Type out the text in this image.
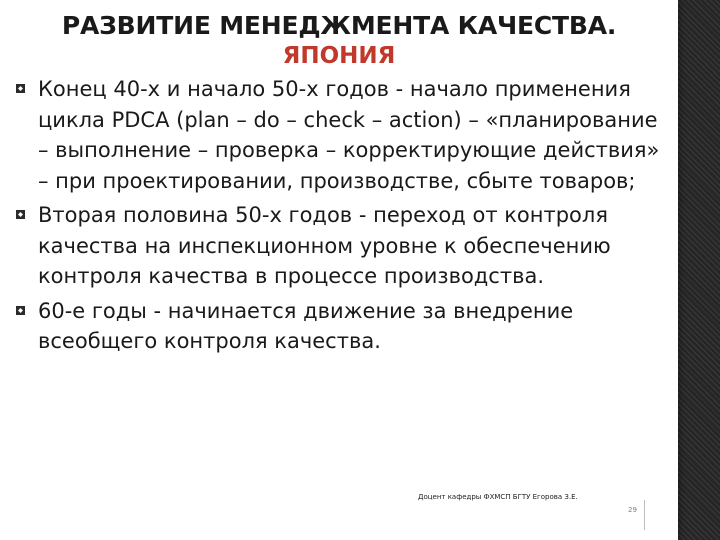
РАЗВИТИЕ МЕНЕДЖМЕНТА КАЧЕСТВА.
ЯПОНИЯ
Конец 40-х и начало 50-х годов - начало применения цикла PDCA (plan – do – check – action) – «планирование – выполнение – проверка – корректирующие действия» – при проектировании, производстве, сбыте товаров;
Вторая половина 50-х годов - переход от контроля качества на инспекционном уровне к обеспечению контроля качества в процессе производства.
60-е годы - начинается движение за внедрение всеобщего контроля качества.
Доцент кафедры ФХМСП БГТУ Егорова З.Е.
29
